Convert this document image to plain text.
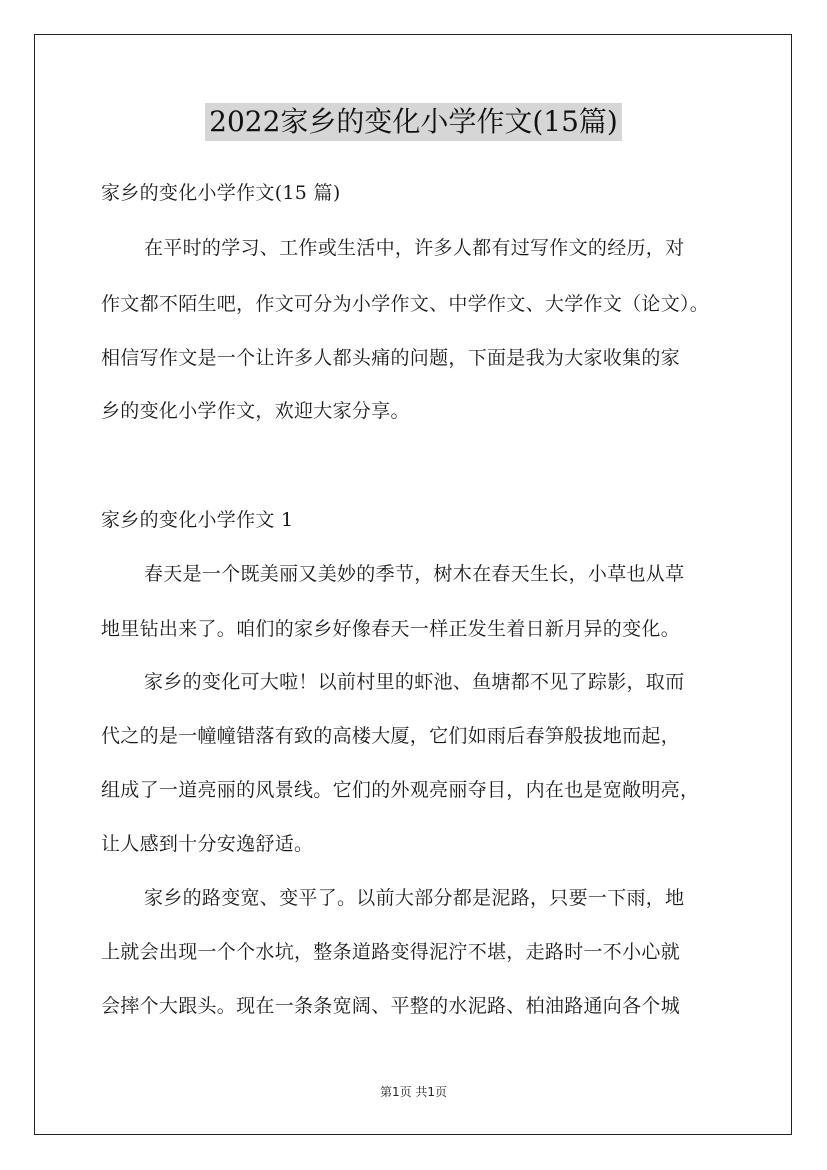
2022家乡的变化小学作文(15篇)
家乡的变化小学作文(15 篇)
在平时的学习、工作或生活中，许多人都有过写作文的经历，对
作文都不陌生吧，作文可分为小学作文、中学作文、大学作文（论文）。
相信写作文是一个让许多人都头痛的问题，下面是我为大家收集的家
乡的变化小学作文，欢迎大家分享。
家乡的变化小学作文 1
春天是一个既美丽又美妙的季节，树木在春天生长，小草也从草
地里钻出来了。咱们的家乡好像春天一样正发生着日新月异的变化。
家乡的变化可大啦！以前村里的虾池、鱼塘都不见了踪影，取而
代之的是一幢幢错落有致的高楼大厦，它们如雨后春笋般拔地而起，
组成了一道亮丽的风景线。它们的外观亮丽夺目，内在也是宽敞明亮，
让人感到十分安逸舒适。
家乡的路变宽、变平了。以前大部分都是泥路，只要一下雨，地
上就会出现一个个水坑，整条道路变得泥泞不堪，走路时一不小心就
会摔个大跟头。现在一条条宽阔、平整的水泥路、柏油路通向各个城
第1页 共1页
